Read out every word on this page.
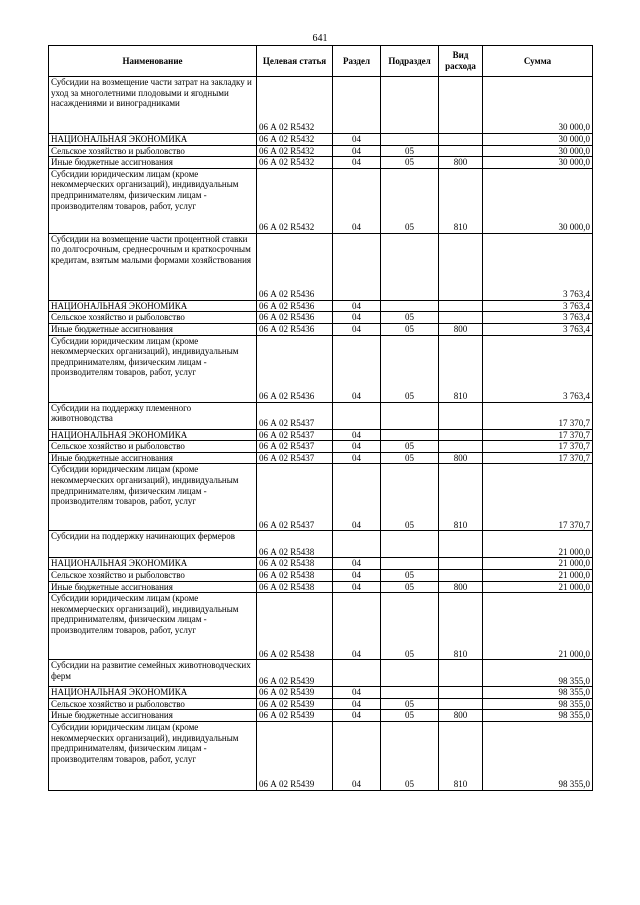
641
Наименование	Целевая статья	Раздел	Подраздел	Вид расхода	Сумма
Субсидии на возмещение части затрат на закладку и уход за многолетними плодовыми и ягодными насаждениями и виноградниками	06 А 02 R5432				30 000,0
НАЦИОНАЛЬНАЯ ЭКОНОМИКА	06 А 02 R5432	04			30 000,0
Сельское хозяйство и рыболовство	06 А 02 R5432	04	05		30 000,0
Иные бюджетные ассигнования	06 А 02 R5432	04	05	800	30 000,0
Субсидии юридическим лицам (кроме некоммерческих организаций), индивидуальным предпринимателям, физическим лицам - производителям товаров, работ, услуг	06 А 02 R5432	04	05	810	30 000,0
Субсидии на возмещение части процентной ставки по долгосрочным, среднесрочным и краткосрочным кредитам, взятым малыми формами хозяйствования	06 А 02 R5436				3 763,4
НАЦИОНАЛЬНАЯ ЭКОНОМИКА	06 А 02 R5436	04			3 763,4
Сельское хозяйство и рыболовство	06 А 02 R5436	04	05		3 763,4
Иные бюджетные ассигнования	06 А 02 R5436	04	05	800	3 763,4
Субсидии юридическим лицам (кроме некоммерческих организаций), индивидуальным предпринимателям, физическим лицам - производителям товаров, работ, услуг	06 А 02 R5436	04	05	810	3 763,4
Субсидии на поддержку племенного животноводства	06 А 02 R5437				17 370,7
НАЦИОНАЛЬНАЯ ЭКОНОМИКА	06 А 02 R5437	04			17 370,7
Сельское хозяйство и рыболовство	06 А 02 R5437	04	05		17 370,7
Иные бюджетные ассигнования	06 А 02 R5437	04	05	800	17 370,7
Субсидии юридическим лицам (кроме некоммерческих организаций), индивидуальным предпринимателям, физическим лицам - производителям товаров, работ, услуг	06 А 02 R5437	04	05	810	17 370,7
Субсидии на поддержку начинающих фермеров	06 А 02 R5438				21 000,0
НАЦИОНАЛЬНАЯ ЭКОНОМИКА	06 А 02 R5438	04			21 000,0
Сельское хозяйство и рыболовство	06 А 02 R5438	04	05		21 000,0
Иные бюджетные ассигнования	06 А 02 R5438	04	05	800	21 000,0
Субсидии юридическим лицам (кроме некоммерческих организаций), индивидуальным предпринимателям, физическим лицам - производителям товаров, работ, услуг	06 А 02 R5438	04	05	810	21 000,0
Субсидии на развитие семейных животноводческих ферм	06 А 02 R5439				98 355,0
НАЦИОНАЛЬНАЯ ЭКОНОМИКА	06 А 02 R5439	04			98 355,0
Сельское хозяйство и рыболовство	06 А 02 R5439	04	05		98 355,0
Иные бюджетные ассигнования	06 А 02 R5439	04	05	800	98 355,0
Субсидии юридическим лицам (кроме некоммерческих организаций), индивидуальным предпринимателям, физическим лицам - производителям товаров, работ, услуг	06 А 02 R5439	04	05	810	98 355,0
